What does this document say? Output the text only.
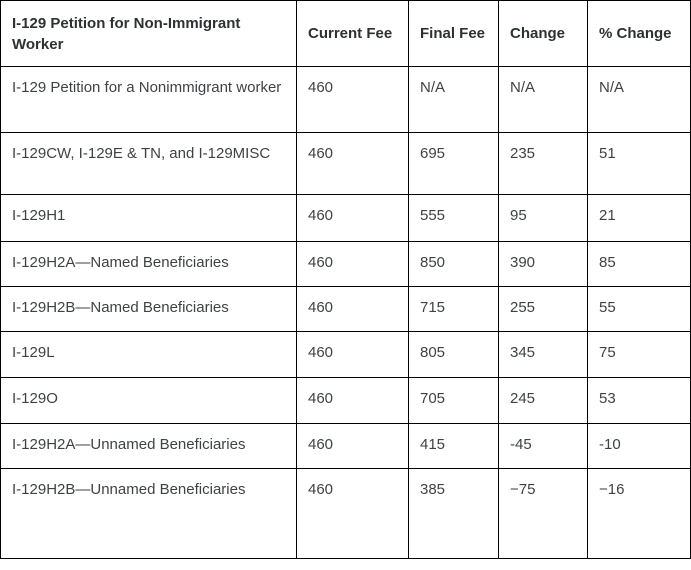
I-129 Petition for Non-Immigrant Worker	Current Fee	Final Fee	Change	% Change
I-129 Petition for a Nonimmigrant worker	460	N/A	N/A	N/A
I-129CW, I-129E & TN, and I-129MISC	460	695	235	51
I-129H1	460	555	95	21
I-129H2A—Named Beneficiaries	460	850	390	85
I-129H2B—Named Beneficiaries	460	715	255	55
I-129L	460	805	345	75
I-129O	460	705	245	53
I-129H2A—Unnamed Beneficiaries	460	415	-45	-10
I-129H2B—Unnamed Beneficiaries	460	385	−75	−16
